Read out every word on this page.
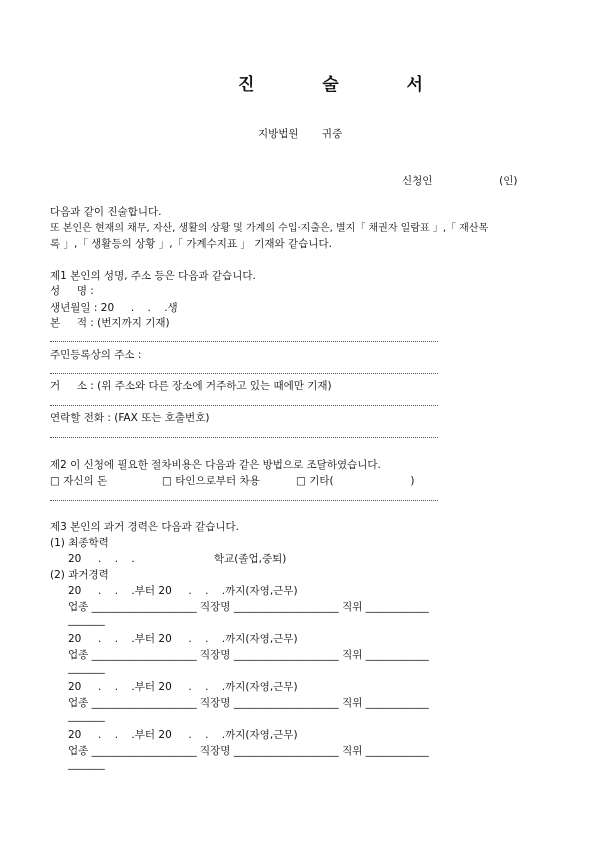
진  술  서
지방법원       귀중
신청인                    (인)
다음과 같이 진술합니다.
또 본인은 현재의 채무, 자산, 생활의 상황 및 가계의 수입·지출은, 별지「 채권자 일람표 」,「 재산목
록 」,「 생활등의 상황 」,「 가계수지표 」 기재와 같습니다.
제1 본인의 성명, 주소 등은 다음과 같습니다.
성     명 :
생년월일 : 20     .    .    .생
본     적 : (번지까지 기재)
주민등록상의 주소 :
거     소 : (위 주소와 다른 장소에 거주하고 있는 때에만 기재)
연락할 전화 : (FAX 또는 호출번호)
제2 이 신청에 필요한 절차비용은 다음과 같은 방법으로 조달하였습니다.
□ 자신의 돈	□ 타인으로부터 차용	□ 기타(                       )
제3 본인의 과거 경력은 다음과 같습니다.
(1) 최종학력
20     .    .    .	학교(졸업,중퇴)
(2) 과거경력
20     .    .    .부터 20     .    .    .까지(자영,근무)
업종 ____________________ 직장명 ____________________ 직위 ____________
_______
20     .    .    .부터 20     .    .    .까지(자영,근무)
업종 ____________________ 직장명 ____________________ 직위 ____________
_______
20     .    .    .부터 20     .    .    .까지(자영,근무)
업종 ____________________ 직장명 ____________________ 직위 ____________
_______
20     .    .    .부터 20     .    .    .까지(자영,근무)
업종 ____________________ 직장명 ____________________ 직위 ____________
_______
